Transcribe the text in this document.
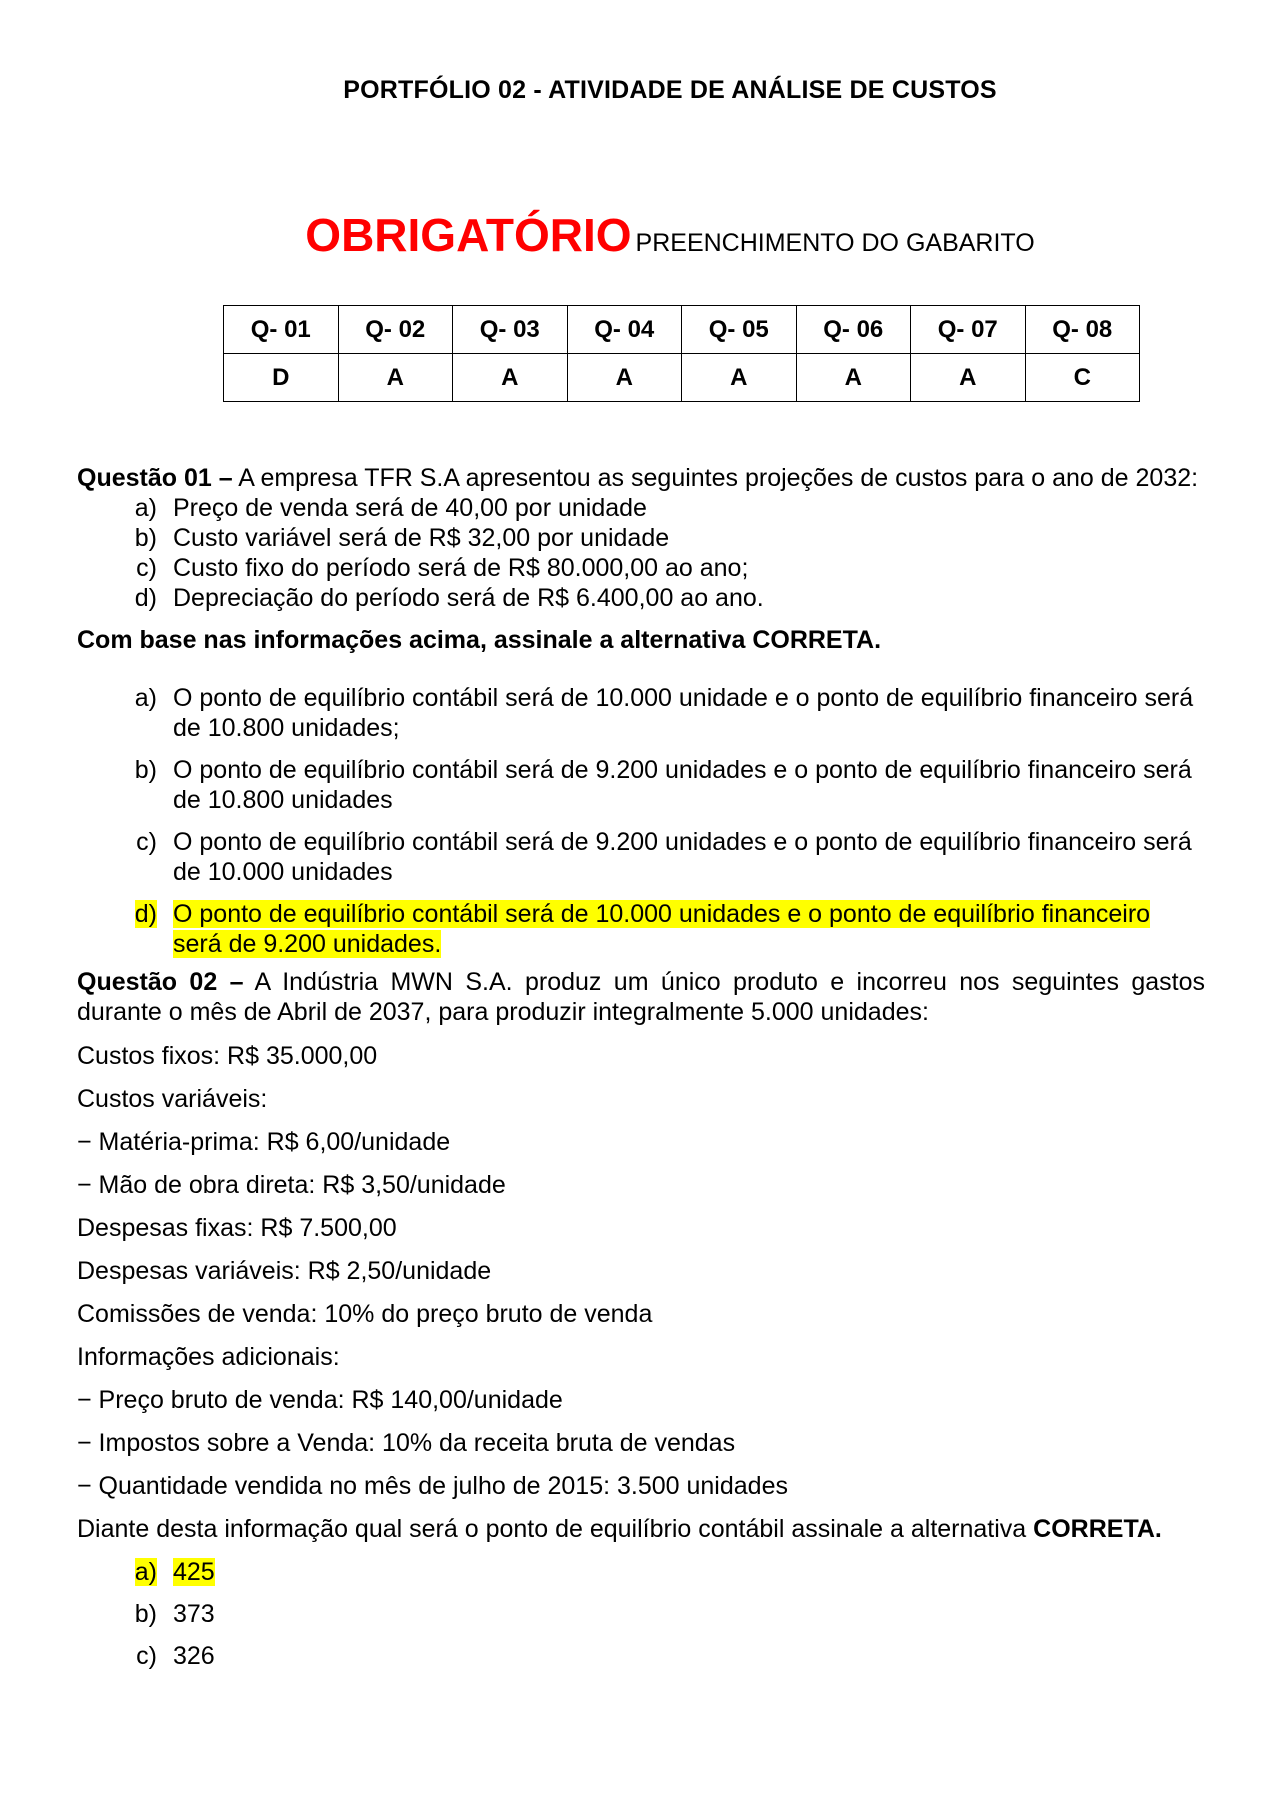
PORTFÓLIO 02 - ATIVIDADE DE ANÁLISE DE CUSTOS
OBRIGATÓRIO PREENCHIMENTO DO GABARITO
Q- 01	Q- 02	Q- 03	Q- 04	Q- 05	Q- 06	Q- 07	Q- 08
D	A	A	A	A	A	A	C

Questão 01 – A empresa TFR S.A apresentou as seguintes projeções de custos para o ano de 2032:

a) Preço de venda será de 40,00 por unidade
b) Custo variável será de R$ 32,00 por unidade
c) Custo fixo do período será de R$ 80.000,00 ao ano;
d) Depreciação do período será de R$ 6.400,00 ao ano.

Com base nas informações acima, assinale a alternativa CORRETA.

a) O ponto de equilíbrio contábil será de 10.000 unidade e o ponto de equilíbrio financeiro será de 10.800 unidades;
b) O ponto de equilíbrio contábil será de 9.200 unidades e o ponto de equilíbrio financeiro será de 10.800 unidades
c) O ponto de equilíbrio contábil será de 9.200 unidades e o ponto de equilíbrio financeiro será de 10.000 unidades
d) O ponto de equilíbrio contábil será de 10.000 unidades e o ponto de equilíbrio financeiro será de 9.200 unidades.

Questão 02 – A Indústria MWN S.A. produz um único produto e incorreu nos seguintes gastos durante o mês de Abril de 2037, para produzir integralmente 5.000 unidades:

Custos fixos: R$ 35.000,00

Custos variáveis:

− Matéria-prima: R$ 6,00/unidade

− Mão de obra direta: R$ 3,50/unidade

Despesas fixas: R$ 7.500,00

Despesas variáveis: R$ 2,50/unidade

Comissões de venda: 10% do preço bruto de venda

Informações adicionais:

− Preço bruto de venda: R$ 140,00/unidade

− Impostos sobre a Venda: 10% da receita bruta de vendas

− Quantidade vendida no mês de julho de 2015: 3.500 unidades

Diante desta informação qual será o ponto de equilíbrio contábil assinale a alternativa CORRETA.

a) 425
b) 373
c) 326
